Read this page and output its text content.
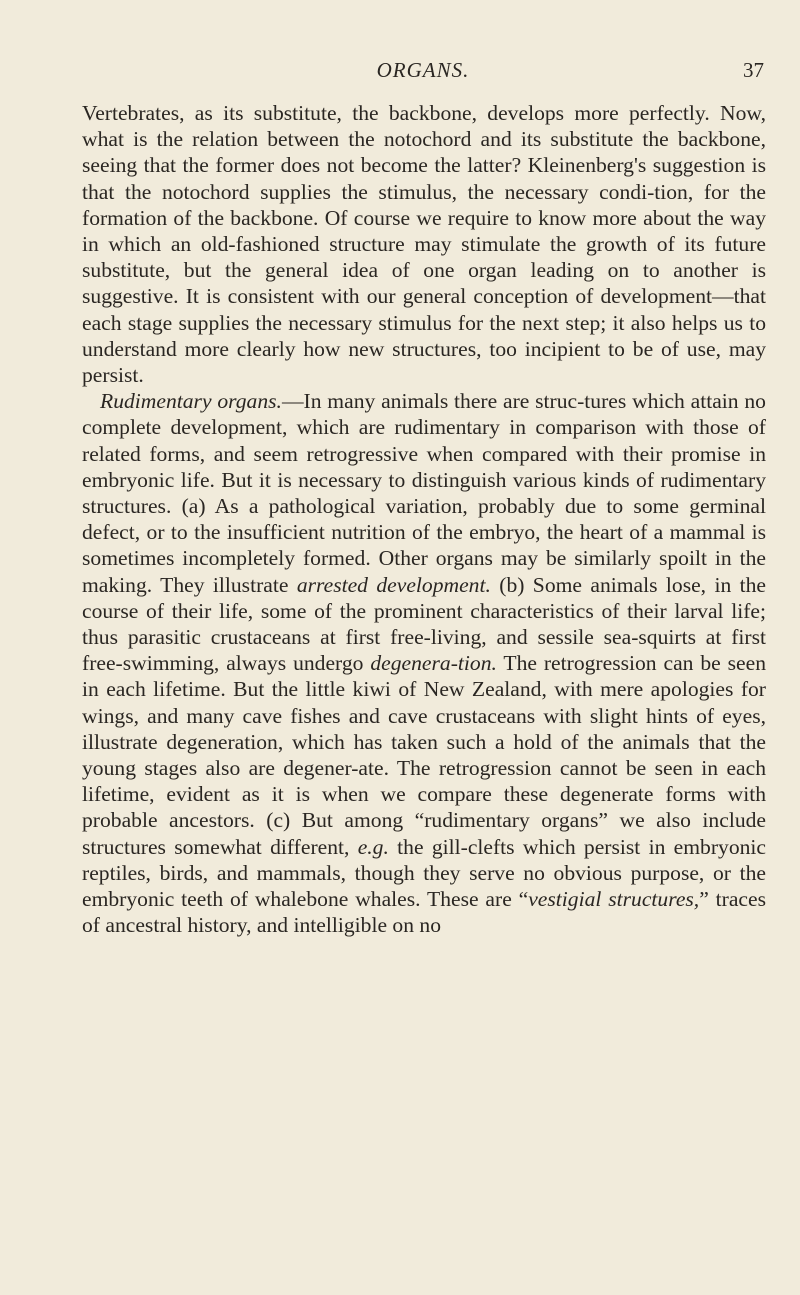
ORGANS.	37

Vertebrates, as its substitute, the backbone, develops more perfectly. Now, what is the relation between the notochord and its substitute the backbone, seeing that the former does not become the latter? Kleinenberg's suggestion is that the notochord supplies the stimulus, the necessary condi-tion, for the formation of the backbone. Of course we require to know more about the way in which an old-fashioned structure may stimulate the growth of its future substitute, but the general idea of one organ leading on to another is suggestive. It is consistent with our general conception of development—that each stage supplies the necessary stimulus for the next step; it also helps us to understand more clearly how new structures, too incipient to be of use, may persist.

Rudimentary organs.—In many animals there are struc-tures which attain no complete development, which are rudimentary in comparison with those of related forms, and seem retrogressive when compared with their promise in embryonic life. But it is necessary to distinguish various kinds of rudimentary structures. (a) As a pathological variation, probably due to some germinal defect, or to the insufficient nutrition of the embryo, the heart of a mammal is sometimes incompletely formed. Other organs may be similarly spoilt in the making. They illustrate arrested development. (b) Some animals lose, in the course of their life, some of the prominent characteristics of their larval life; thus parasitic crustaceans at first free-living, and sessile sea-squirts at first free-swimming, always undergo degenera-tion. The retrogression can be seen in each lifetime. But the little kiwi of New Zealand, with mere apologies for wings, and many cave fishes and cave crustaceans with slight hints of eyes, illustrate degeneration, which has taken such a hold of the animals that the young stages also are degener-ate. The retrogression cannot be seen in each lifetime, evident as it is when we compare these degenerate forms with probable ancestors. (c) But among “rudimentary organs” we also include structures somewhat different, e.g. the gill-clefts which persist in embryonic reptiles, birds, and mammals, though they serve no obvious purpose, or the embryonic teeth of whalebone whales. These are “vestigial structures,” traces of ancestral history, and intelligible on no
